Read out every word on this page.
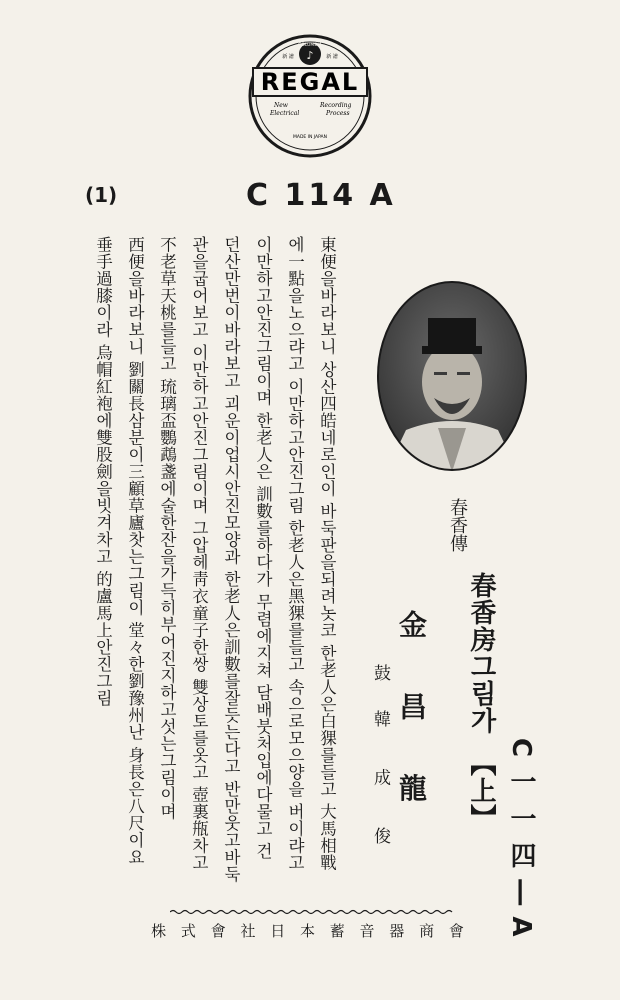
COLUMBIA
♪
新 譜	新 譜
REGAL
New
Electrical
Recording
Process
MADE IN JAPAN
(1)	C 114 A
春香傳
春香房그림가
【上】
金 昌 龍
鼓
韓 成 俊	C 一 一 四 ― A
東便을바라보니 상산四皓네로인이 바둑판을되려놋코 한老人은白猓를들고 大馬相戰
에一點을노으랴고 이만하고안진그림 한老人은黑猓를들고 속으로모으양을 버이랴고
이만하고안진그림이며 한老人은 訓數를하다가 무렴에지쳐 담배붓처입에다물고 건
던산만번이바라보고 괴운이업시안진모양과 한老人은訓數를잘듯는다고 반만웃고바둑
관을굽어보고 이만하고안진그림이며 그압헤靑衣童子한쌍 雙상토를옷고 壺裏甁차고
不老草天桃를들고 琉璃盃鸚鵡盞에술한잔을가득히부어진지하고섯는그림이며
西便을바라보니 劉關長삼분이三顧草廬찻는그림이 堂々한劉豫州난 身長은八尺이요
垂手過膝이라 烏帽紅袍에雙股劍을빗겨차고 的盧馬上안진그림
株 式 會 社 日 本 蓄 音 器 商 會
